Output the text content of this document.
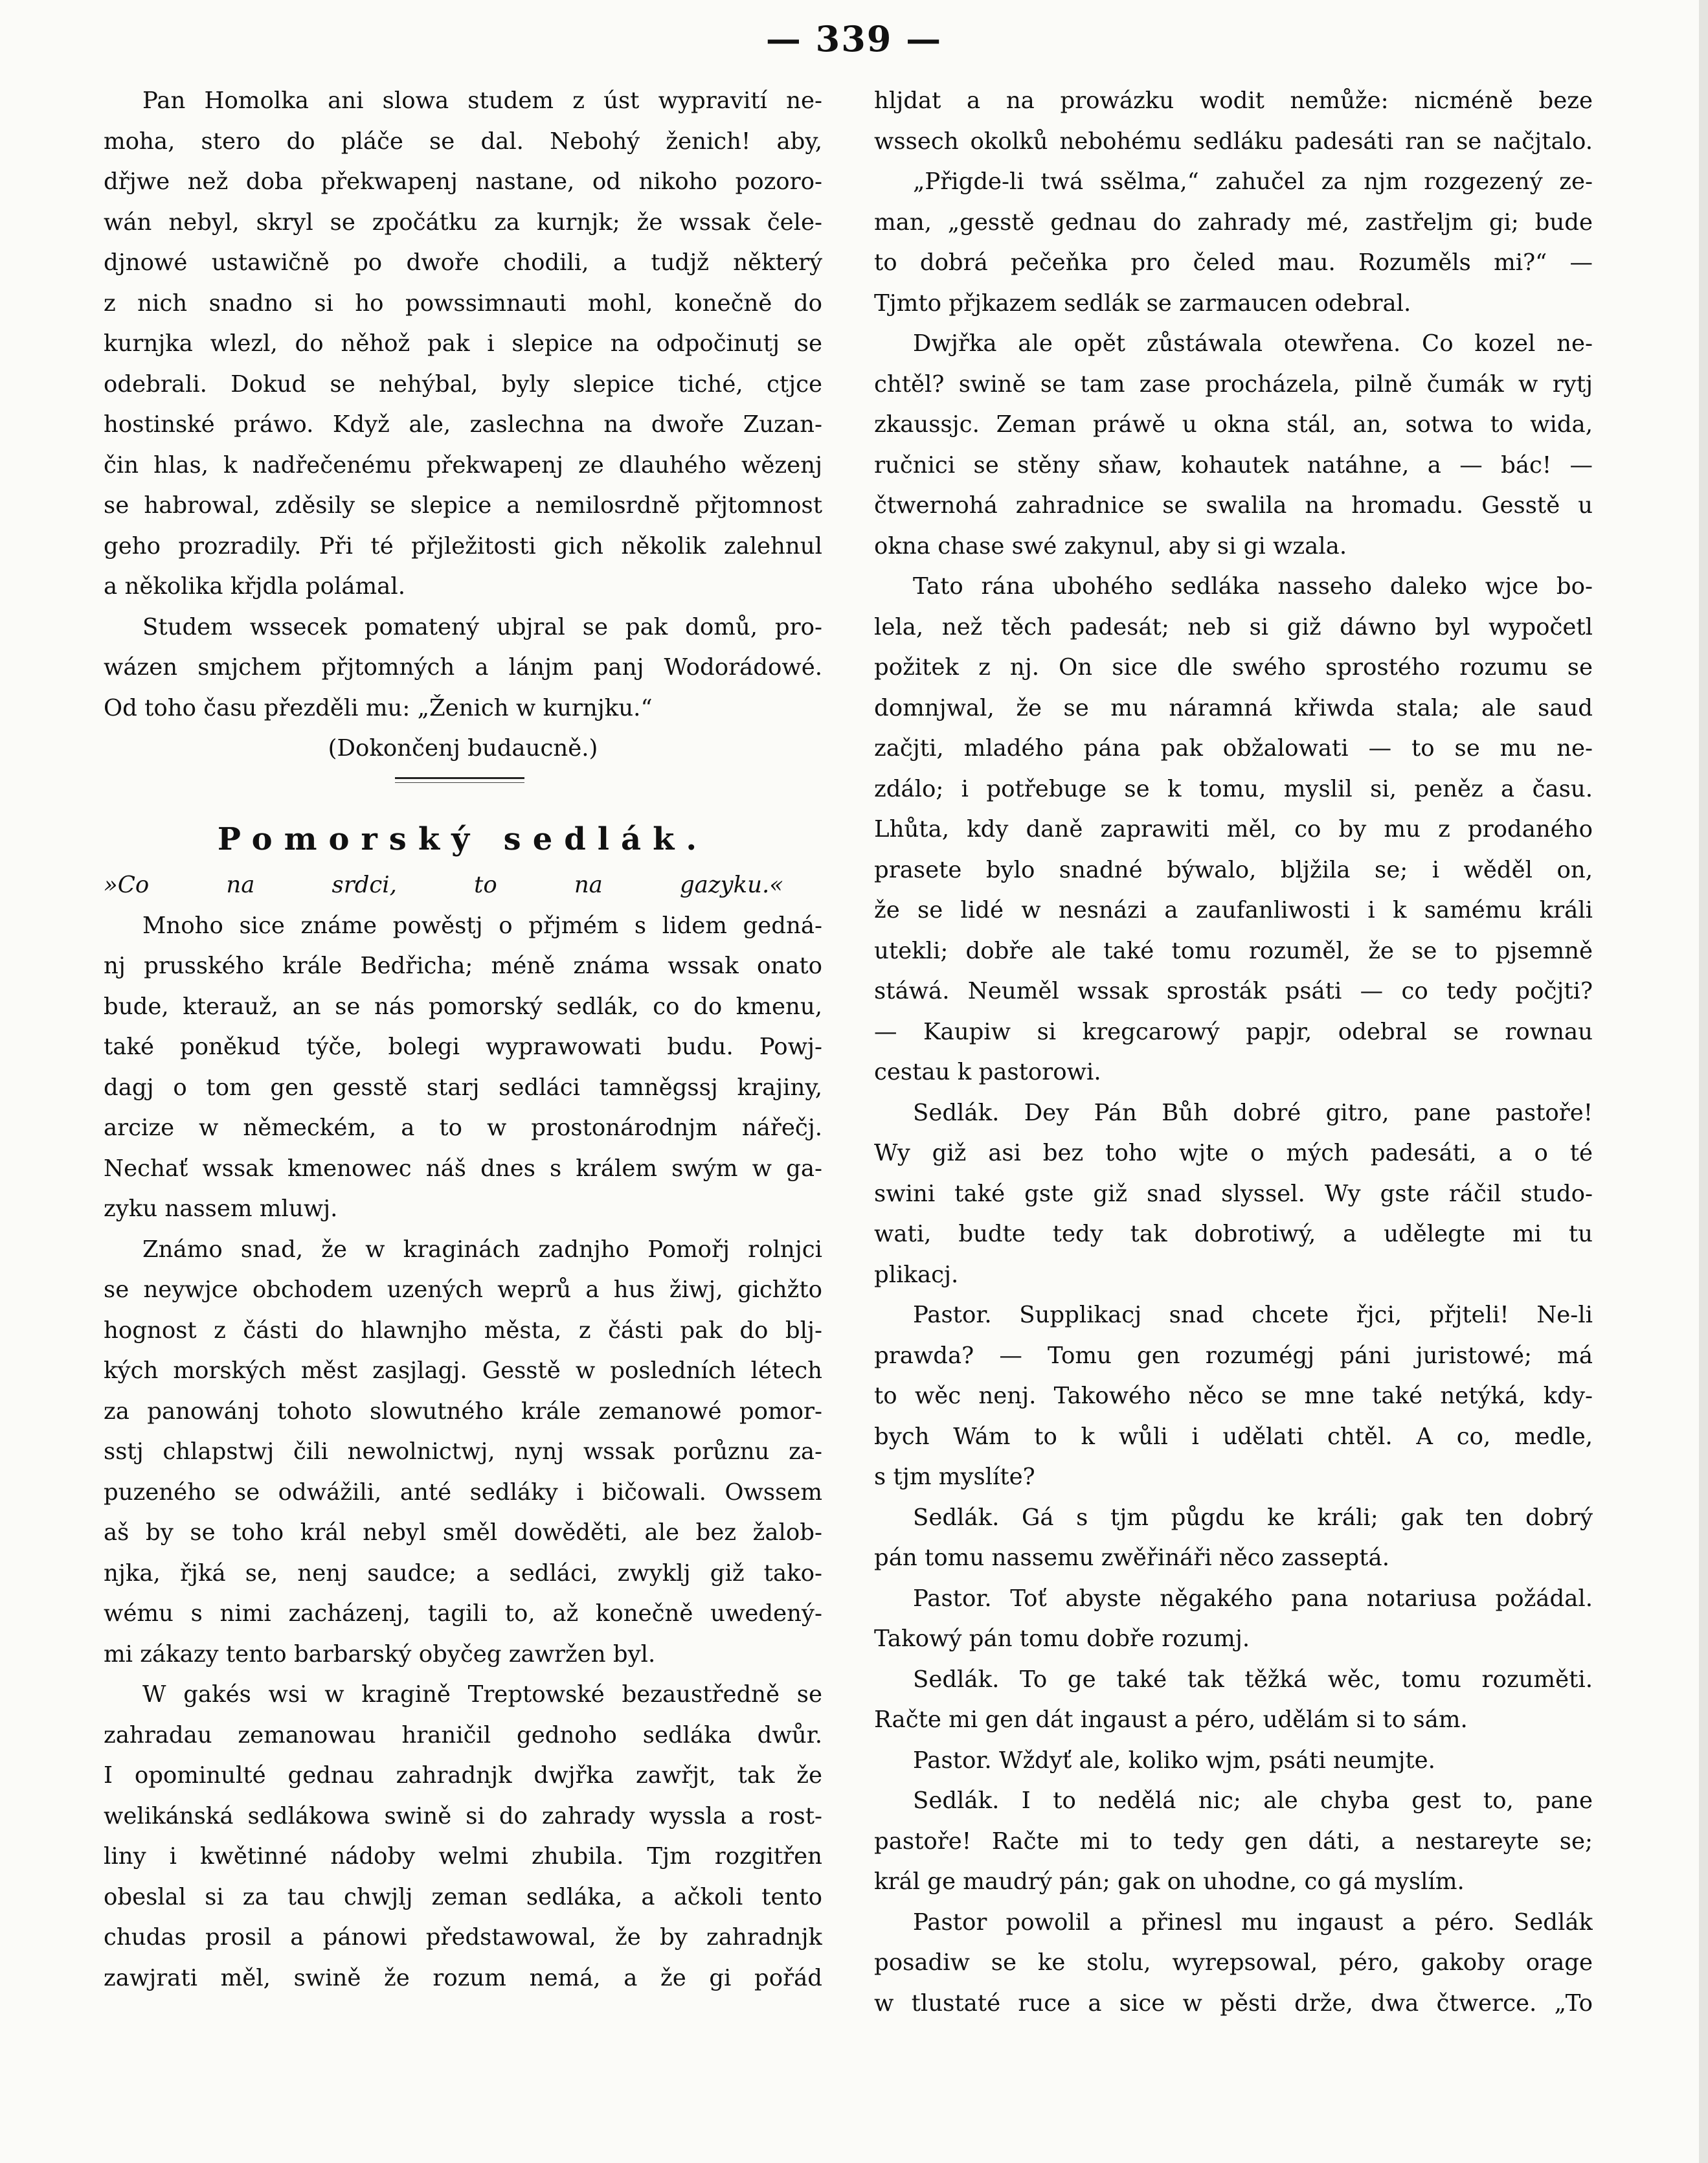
— 339 —
Pan Homolka ani slowa studem z úst wypravití ne-
moha, stero do pláče se dal. Nebohý ženich! aby,
dřjwe než doba překwapenj nastane, od nikoho pozoro-
wán nebyl, skryl se zpočátku za kurnjk; že wssak čele-
djnowé ustawičně po dwoře chodili, a tudjž některý
z nich snadno si ho powssimnauti mohl, konečně do
kurnjka wlezl, do něhož pak i slepice na odpočinutj se
odebrali. Dokud se nehýbal, byly slepice tiché, ctjce
hostinské práwo. Když ale, zaslechna na dwoře Zuzan-
čin hlas, k nadřečenému překwapenj ze dlauhého wězenj
se habrowal, zděsily se slepice a nemilosrdně přjtomnost
geho prozradily. Při té přjležitosti gich několik zalehnul
a několika křjdla polámal.
Studem wssecek pomatený ubjral se pak domů, pro-
wázen smjchem přjtomných a lánjm panj Wodorádowé.
Od toho času přezděli mu: „Ženich w kurnjku.“
(Dokončenj budaucně.)
Pomorský sedlák.
»Co na srdci, to na gazyku.«
Mnoho sice známe powěstj o přjmém s lidem gedná-
nj prusského krále Bedřicha; méně známa wssak onato
bude, kterauž, an se nás pomorský sedlák, co do kmenu,
také poněkud týče, bolegi wyprawowati budu. Powj-
dagj o tom gen gesstě starj sedláci tamněgssj krajiny,
arcize w německém, a to w prostonárodnjm nářečj.
Nechať wssak kmenowec náš dnes s králem swým w ga-
zyku nassem mluwj.
Známo snad, že w kraginách zadnjho Pomořj rolnjci
se neywjce obchodem uzených weprů a hus žiwj, gichžto
hognost z části do hlawnjho města, z části pak do blj-
kých morských měst zasjlagj. Gesstě w posledních létech
za panowánj tohoto slowutného krále zemanowé pomor-
sstj chlapstwj čili newolnictwj, nynj wssak porůznu za-
puzeného se odwážili, anté sedláky i bičowali. Owssem
aš by se toho král nebyl směl dowěděti, ale bez žalob-
njka, řjká se, nenj saudce; a sedláci, zwyklj giž tako-
wému s nimi zacházenj, tagili to, až konečně uwedený-
mi zákazy tento barbarský obyčeg zawržen byl.
W gakés wsi w kragině Treptowské bezaustředně se
zahradau zemanowau hraničil gednoho sedláka dwůr.
I opominulté gednau zahradnjk dwjřka zawřjt, tak že
welikánská sedlákowa swině si do zahrady wyssla a rost-
liny i kwětinné nádoby welmi zhubila. Tjm rozgitřen
obeslal si za tau chwjlj zeman sedláka, a ačkoli tento
chudas prosil a pánowi předstawowal, že by zahradnjk
zawjrati měl, swině že rozum nemá, a že gi pořád
hljdat a na prowázku wodit nemůže: nicméně beze
wssech okolků nebohému sedláku padesáti ran se načjtalo.
„Přigde-li twá ssělma,“ zahučel za njm rozgezený ze-
man, „gesstě gednau do zahrady mé, zastřeljm gi; bude
to dobrá pečeňka pro čeled mau. Rozuměls mi?“ —
Tjmto přjkazem sedlák se zarmaucen odebral.
Dwjřka ale opět zůstáwala otewřena. Co kozel ne-
chtěl? swině se tam zase procházela, pilně čumák w rytj
zkaussjc. Zeman práwě u okna stál, an, sotwa to wida,
ručnici se stěny sňaw, kohautek natáhne, a — bác! —
čtwernohá zahradnice se swalila na hromadu. Gesstě u
okna chase swé zakynul, aby si gi wzala.
Tato rána ubohého sedláka nasseho daleko wjce bo-
lela, než těch padesát; neb si giž dáwno byl wypočetl
požitek z nj. On sice dle swého sprostého rozumu se
domnjwal, že se mu náramná křiwda stala; ale saud
začjti, mladého pána pak obžalowati — to se mu ne-
zdálo; i potřebuge se k tomu, myslil si, peněz a času.
Lhůta, kdy daně zaprawiti měl, co by mu z prodaného
prasete bylo snadné býwalo, bljžila se; i wěděl on,
že se lidé w nesnázi a zaufanliwosti i k samému králi
utekli; dobře ale také tomu rozuměl, že se to pjsemně
stáwá. Neuměl wssak sprosták psáti — co tedy počjti?
— Kaupiw si kregcarowý papjr, odebral se rownau
cestau k pastorowi.
Sedlák. Dey Pán Bůh dobré gitro, pane pastoře!
Wy giž asi bez toho wjte o mých padesáti, a o té
swini také gste giž snad slyssel. Wy gste ráčil studo-
wati, budte tedy tak dobrotiwý, a udělegte mi tu
plikacj.
Pastor. Supplikacj snad chcete řjci, přjteli! Ne-li
prawda? — Tomu gen rozumégj páni juristowé; má
to wěc nenj. Takowého něco se mne také netýká, kdy-
bych Wám to k wůli i udělati chtěl. A co, medle,
s tjm myslíte?
Sedlák. Gá s tjm půgdu ke králi; gak ten dobrý
pán tomu nassemu zwěřináři něco zasseptá.
Pastor. Toť abyste něgakého pana notariusa požádal.
Takowý pán tomu dobře rozumj.
Sedlák. To ge také tak těžká wěc, tomu rozuměti.
Račte mi gen dát ingaust a péro, udělám si to sám.
Pastor. Wždyť ale, kolikо wjm, psáti neumjte.
Sedlák. I to nedělá nic; ale chyba gest to, pane
pastoře! Račte mi to tedy gen dáti, a nestareyte se;
král ge maudrý pán; gak on uhodne, co gá myslím.
Pastor powolil a přinesl mu ingaust a péro. Sedlák
posadiw se ke stolu, wyrepsowal, péro, gakoby orage
w tlustaté ruce a sice w pěsti drže, dwa čtwerce. „To
